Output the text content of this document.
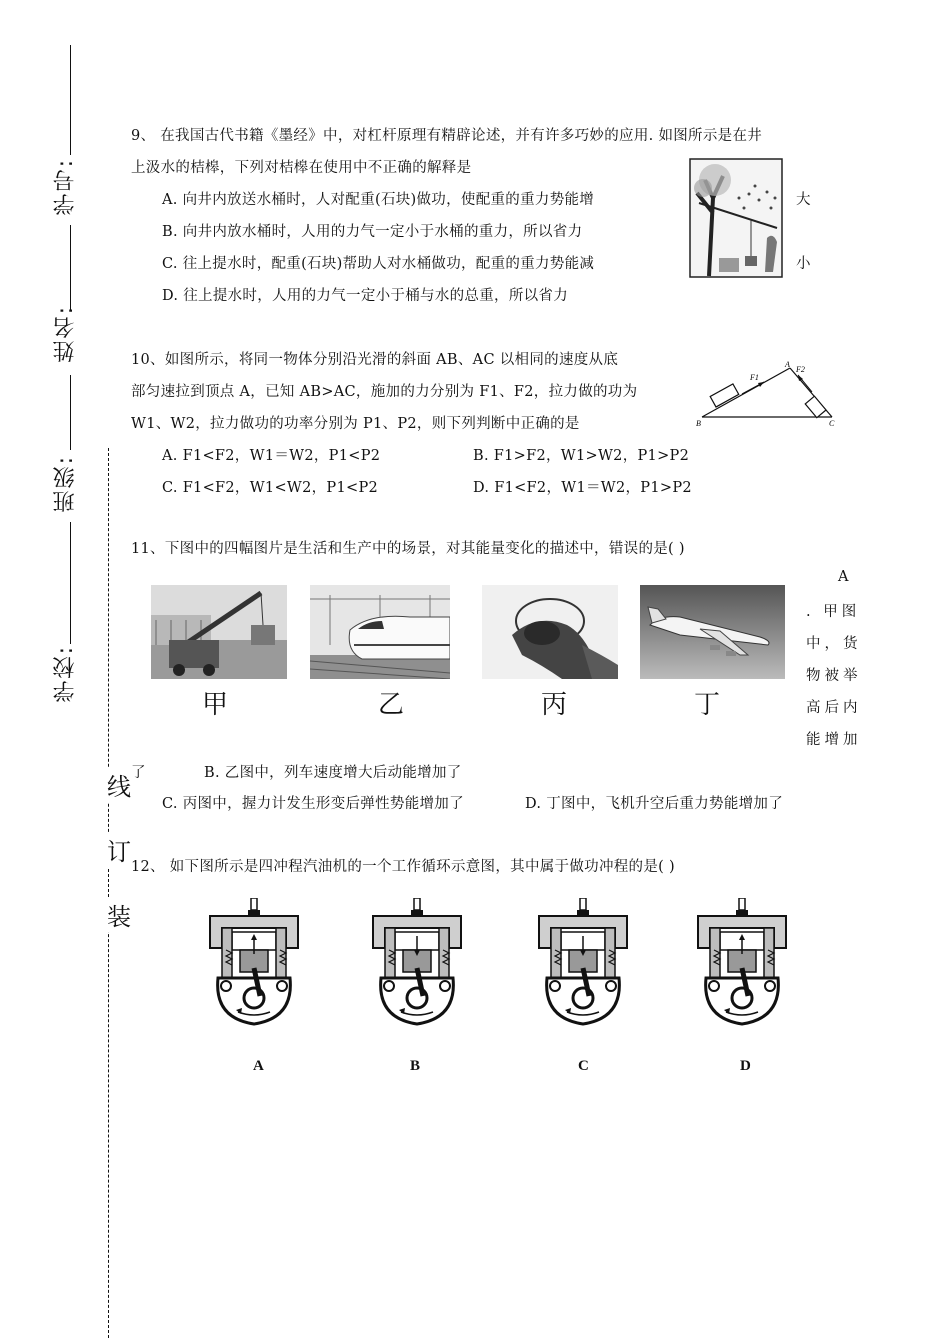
学号:
姓名:
班级:
学校:
线
订
装
9、 在我国古代书籍《墨经》中，对杠杆原理有精辟论述，并有许多巧妙的应用. 如图所示是在井
上汲水的桔槔，下列对桔槔在使用中不正确的解释是
A. 向井内放送水桶时，人对配重(石块)做功，使配重的重力势能增	大
B. 向井内放水桶时，人用的力气一定小于水桶的重力，所以省力
C. 往上提水时，配重(石块)帮助人对水桶做功，配重的重力势能减	小
D. 往上提水时，人用的力气一定小于桶与水的总重，所以省力
10、如图所示，将同一物体分别沿光滑的斜面 AB、AC 以相同的速度从底
部匀速拉到顶点 A，已知 AB>AC，施加的力分别为 F1、F2，拉力做的功为
W1、W2，拉力做功的功率分别为 P1、P2，则下列判断中正确的是
A. F1<F2，W1＝W2，P1<P2	B. F1>F2，W1>W2，P1>P2
C. F1<F2，W1<W2，P1<P2	D. F1<F2，W1＝W2，P1>P2
A
B	C
F1
F2
11、下图中的四幅图片是生活和生产中的场景，对其能量变化的描述中，错误的是( )
甲	乙	丙	丁
A
. 甲图
中，货
物被举
高后内
能增加
了	B. 乙图中，列车速度增大后动能增加了
C. 丙图中，握力计发生形变后弹性势能增加了	D. 丁图中，飞机升空后重力势能增加了
12、 如下图所示是四冲程汽油机的一个工作循环示意图，其中属于做功冲程的是( )
A	B	C	D
